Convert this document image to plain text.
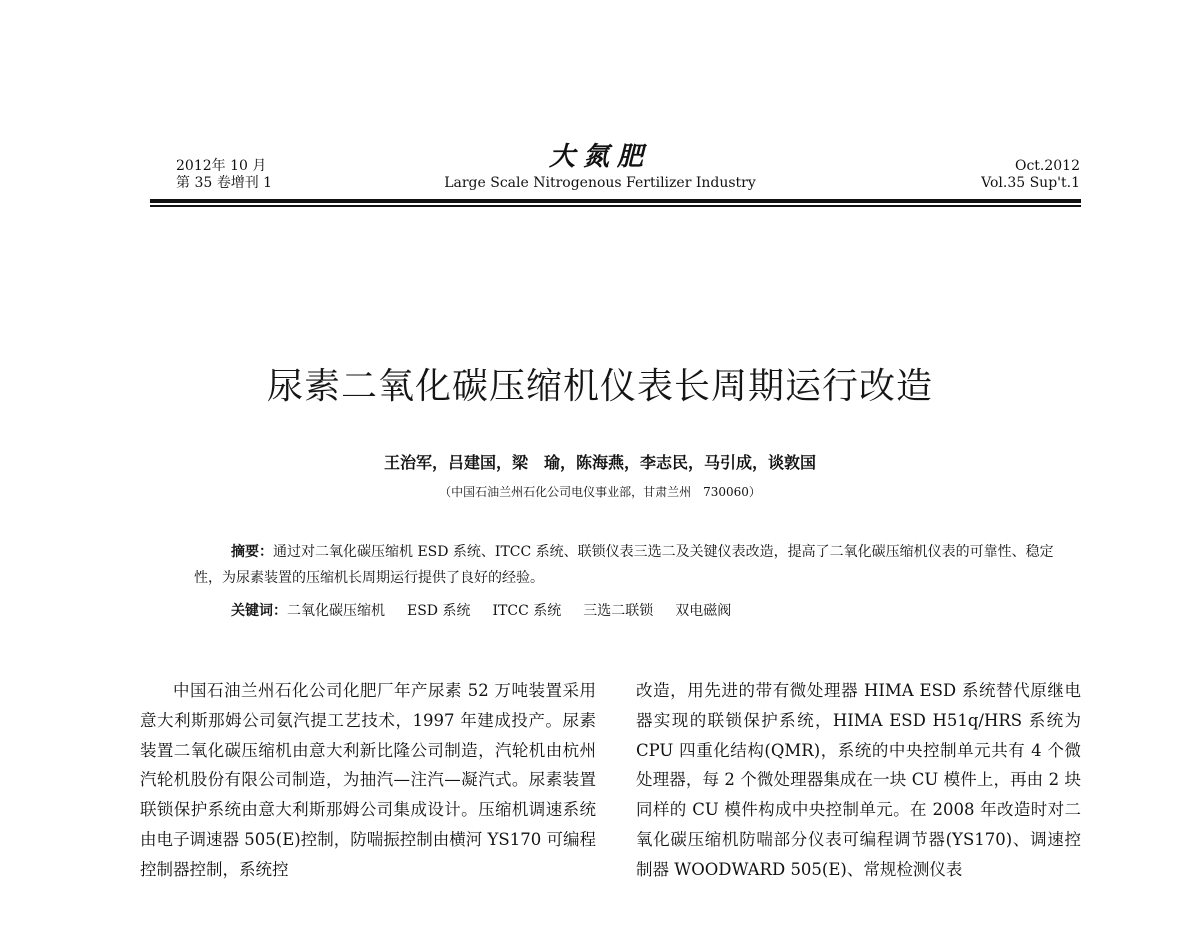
2012年 10 月
第 35 卷增刊 1
大氮肥
Large Scale Nitrogenous Fertilizer Industry
Oct.2012
Vol.35 Sup't.1
尿素二氧化碳压缩机仪表长周期运行改造
王治军，吕建国，梁　瑜，陈海燕，李志民，马引成，谈敦国
（中国石油兰州石化公司电仪事业部，甘肃兰州　730060）
摘要：通过对二氧化碳压缩机 ESD 系统、ITCC 系统、联锁仪表三选二及关键仪表改造，提高了二氧化碳压缩机仪表的可靠性、稳定性，为尿素装置的压缩机长周期运行提供了良好的经验。
关键词：二氧化碳压缩机 ESD 系统 ITCC 系统 三选二联锁 双电磁阀

中国石油兰州石化公司化肥厂年产尿素 52 万吨装置采用意大利斯那姆公司氨汽提工艺技术，1997 年建成投产。尿素装置二氧化碳压缩机由意大利新比隆公司制造，汽轮机由杭州汽轮机股份有限公司制造，为抽汽—注汽—凝汽式。尿素装置联锁保护系统由意大利斯那姆公司集成设计。压缩机调速系统由电子调速器 505(E)控制，防喘振控制由横河 YS170 可编程控制器控制，系统控

改造，用先进的带有微处理器 HIMA ESD 系统替代原继电器实现的联锁保护系统，HIMA ESD H51q/HRS 系统为 CPU 四重化结构(QMR)，系统的中央控制单元共有 4 个微处理器，每 2 个微处理器集成在一块 CU 模件上，再由 2 块同样的 CU 模件构成中央控制单元。在 2008 年改造时对二氧化碳压缩机防喘部分仪表可编程调节器(YS170)、调速控制器 WOODWARD 505(E)、常规检测仪表
